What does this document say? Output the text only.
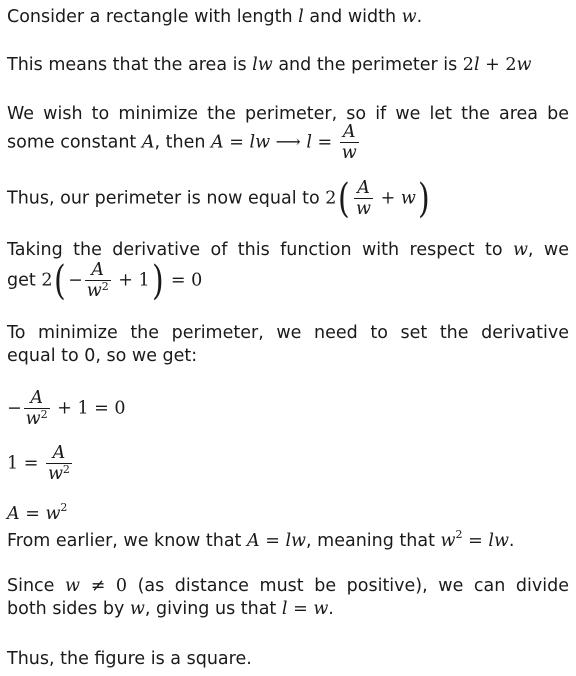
Consider a rectangle with length l and width w.
This means that the area is lw and the perimeter is 2l + 2w
We wish to minimize the perimeter, so if we let the area be
some constant A, then A = lw ⟶ $l = \frac{A}{w}$
Thus, our perimeter is now equal to $2( \frac{A}{w} + w)$
Taking the derivative of this function with respect to w, we
get $2( - \frac{A}{w^2} + 1) = 0$
To minimize the perimeter, we need to set the derivative
equal to 0, so we get:
− $\frac{A}{w^2} + 1 = 0$
$1 = \frac{A}{w^2}$
$A = w^2$
From earlier, we know that A = lw, meaning that $w^2$ = lw.
Since w ≠ 0 (as distance must be positive), we can divide
both sides by w, giving us that l = w.
Thus, the figure is a square.
